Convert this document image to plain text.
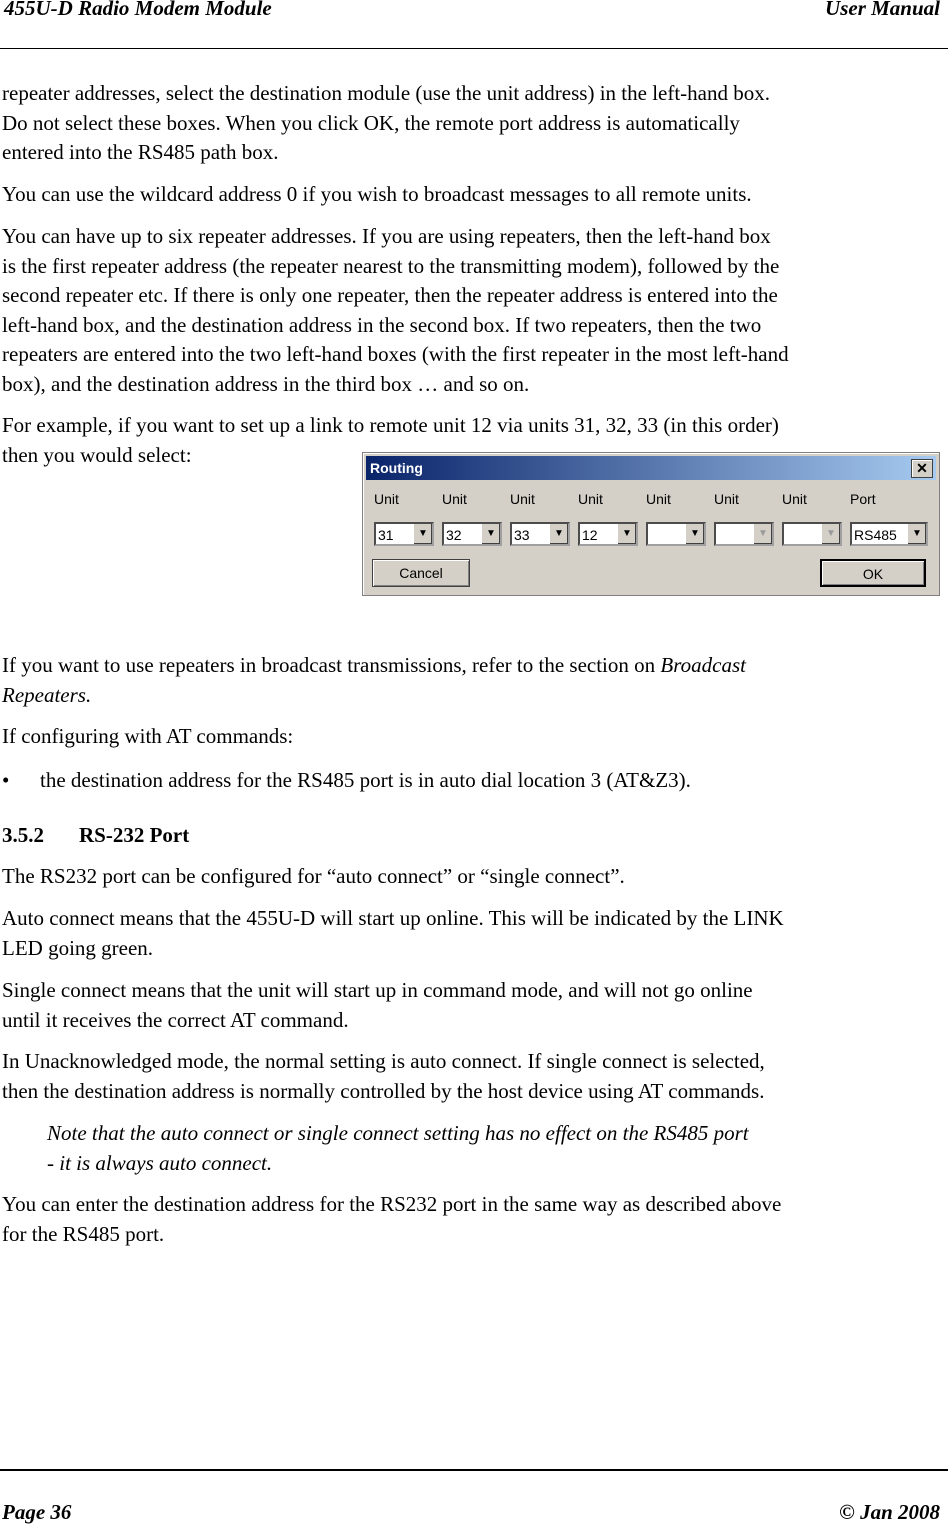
455U-D Radio Modem Module	User Manual
repeater addresses, select the destination module (use the unit address) in the left-hand box.
Do not select these boxes. When you click OK, the remote port address is automatically
entered into the RS485 path box.
You can use the wildcard address 0 if you wish to broadcast messages to all remote units.
You can have up to six repeater addresses. If you are using repeaters, then the left-hand box
is the first repeater address (the repeater nearest to the transmitting modem), followed by the
second repeater etc. If there is only one repeater, then the repeater address is entered into the
left-hand box, and the destination address in the second box. If two repeaters, then the two
repeaters are entered into the two left-hand boxes (with the first repeater in the most left-hand
box), and the destination address in the third box … and so on.
For example, if you want to set up a link to remote unit 12 via units 31, 32, 33 (in this order)
then you would select:
Routing	✕
Unit	Unit	Unit	Unit	Unit	Unit	Unit	Port
31	▼ 32	▼ 33	▼ 12	▼	▼	▼	▼ RS485	▼
Cancel	OK
If you want to use repeaters in broadcast transmissions, refer to the section on Broadcast
Repeaters.
If configuring with AT commands:
• the destination address for the RS485 port is in auto dial location 3 (AT&Z3).
3.5.2 RS-232 Port
The RS232 port can be configured for “auto connect” or “single connect”.
Auto connect means that the 455U-D will start up online. This will be indicated by the LINK
LED going green.
Single connect means that the unit will start up in command mode, and will not go online
until it receives the correct AT command.
In Unacknowledged mode, the normal setting is auto connect. If single connect is selected,
then the destination address is normally controlled by the host device using AT commands.
Note that the auto connect or single connect setting has no effect on the RS485 port
- it is always auto connect.
You can enter the destination address for the RS232 port in the same way as described above
for the RS485 port.
Page 36	© Jan 2008
